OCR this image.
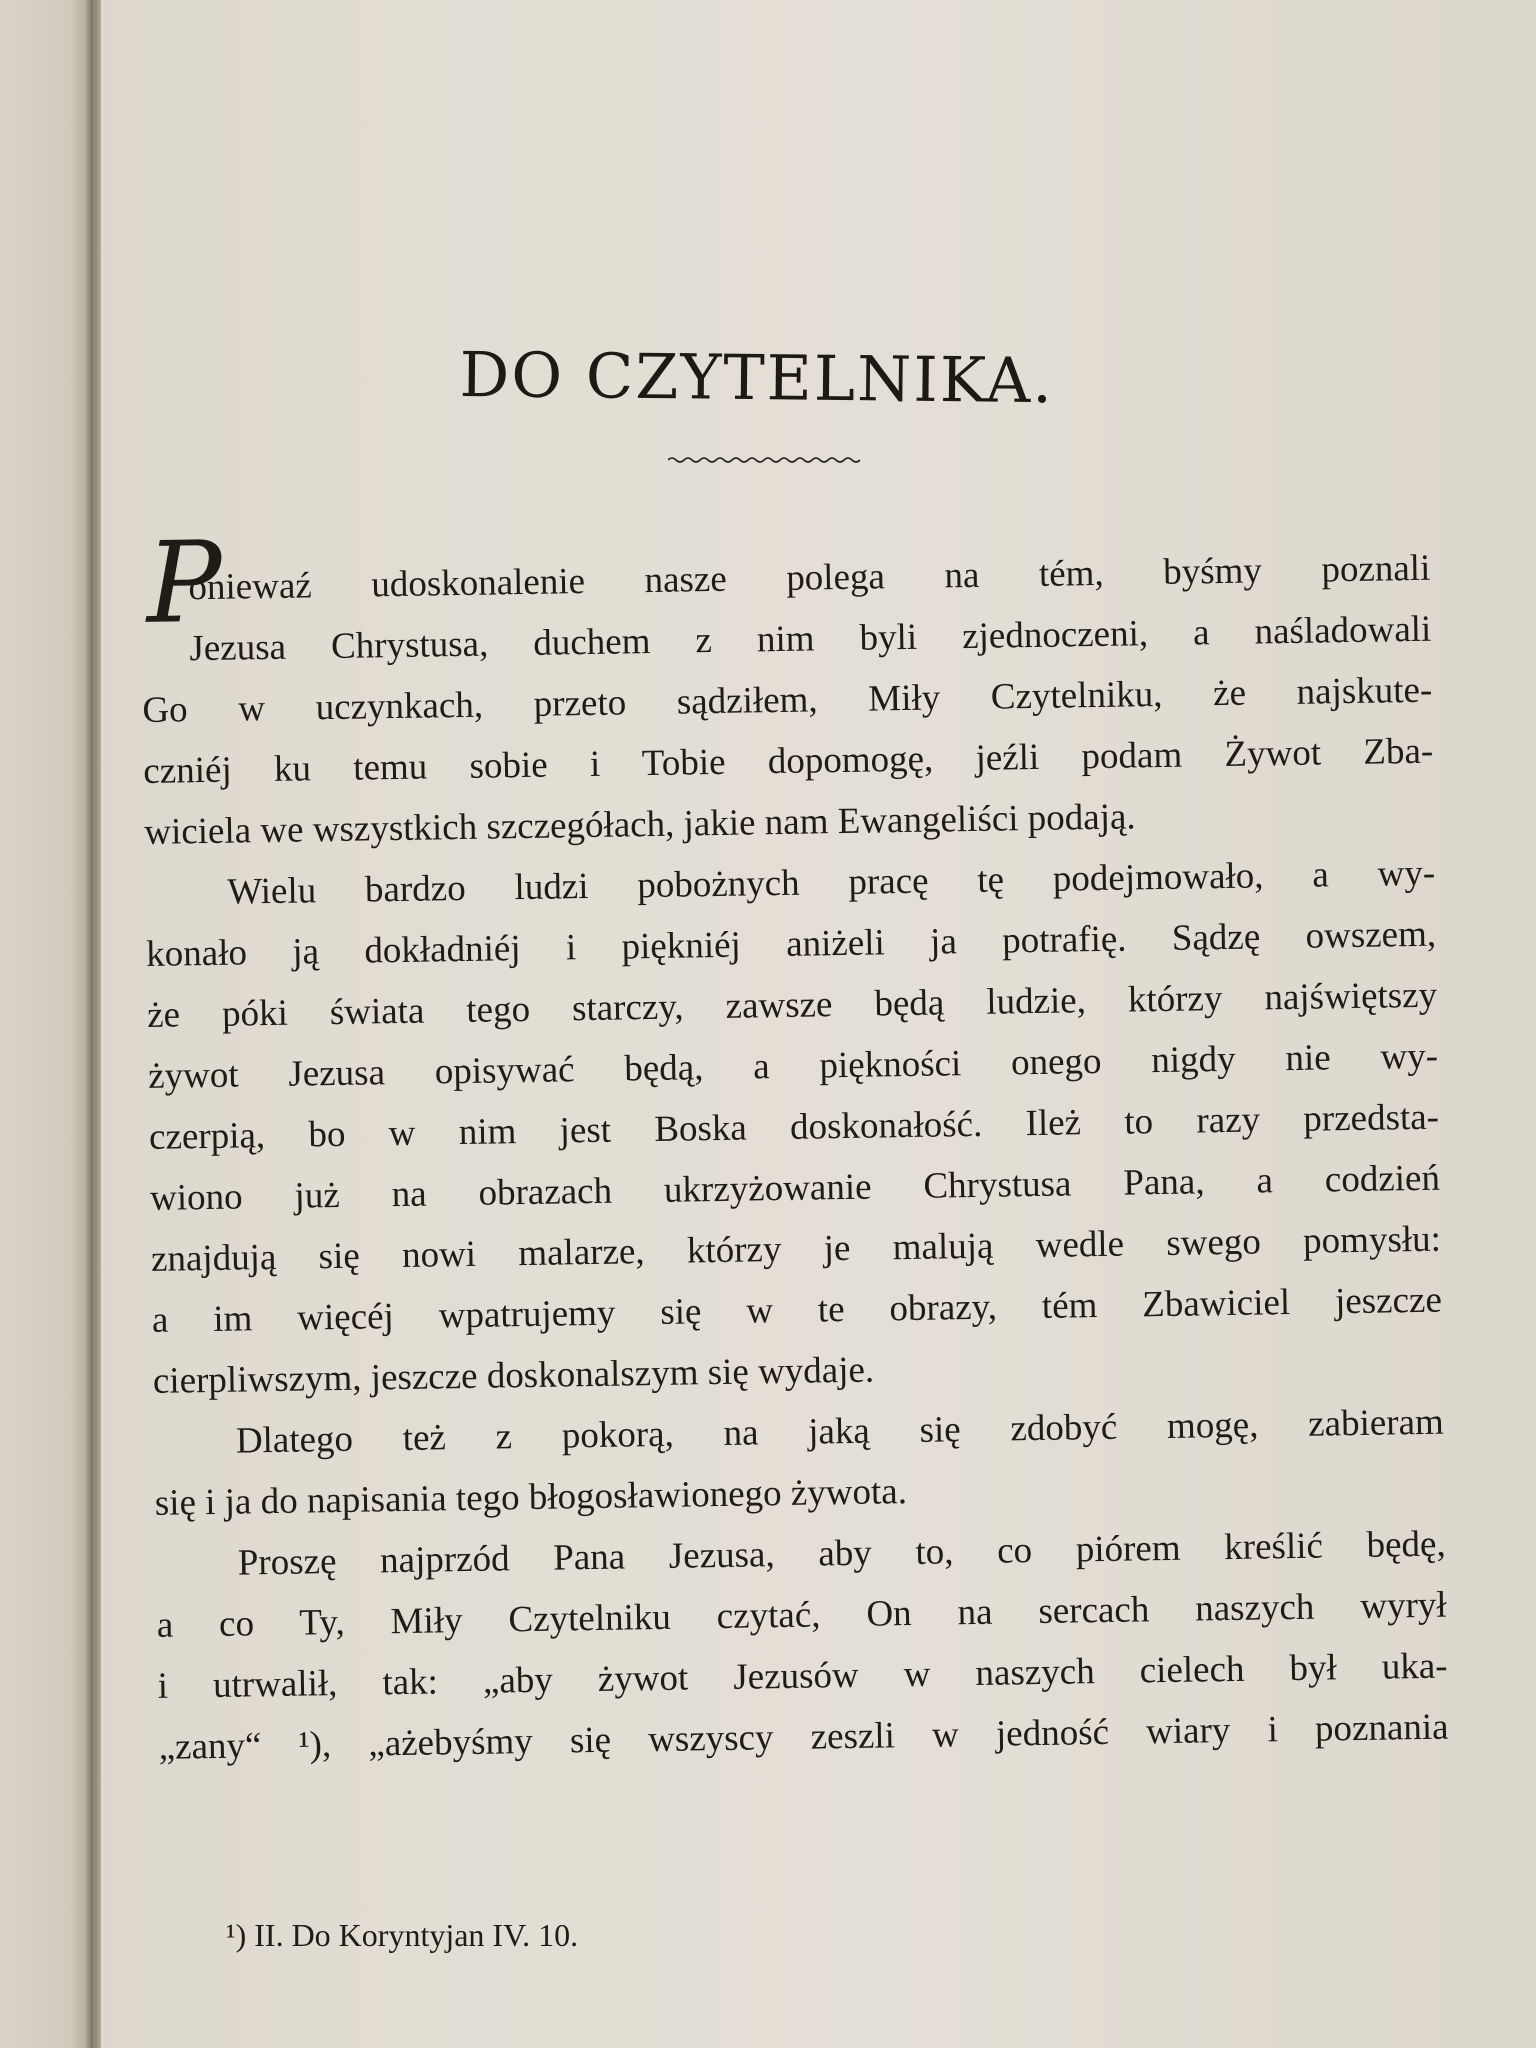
DO CZYTELNIKA.
P
oniewaź udoskonalenie nasze polega na tém, byśmy poznali
Jezusa Chrystusa, duchem z nim byli zjednoczeni, a naśladowali
Go w uczynkach, przeto sądziłem, Miły Czytelniku, że najskute-
czniéj ku temu sobie i Tobie dopomogę, jeźli podam Żywot Zba-
wiciela we wszystkich szczegółach, jakie nam Ewangeliści podają.
Wielu bardzo ludzi pobożnych pracę tę podejmowało, a wy-
konało ją dokładniéj i piękniéj aniżeli ja potrafię. Sądzę owszem,
że póki świata tego starczy, zawsze będą ludzie, którzy najświętszy
żywot Jezusa opisywać będą, a piękności onego nigdy nie wy-
czerpią, bo w nim jest Boska doskonałość. Ileż to razy przedsta-
wiono już na obrazach ukrzyżowanie Chrystusa Pana, a codzień
znajdują się nowi malarze, którzy je malują wedle swego pomysłu:
a im więcéj wpatrujemy się w te obrazy, tém Zbawiciel jeszcze
cierpliwszym, jeszcze doskonalszym się wydaje.
Dlatego też z pokorą, na jaką się zdobyć mogę, zabieram
się i ja do napisania tego błogosławionego żywota.
Proszę najprzód Pana Jezusa, aby to, co piórem kreślić będę,
a co Ty, Miły Czytelniku czytać, On na sercach naszych wyrył
i utrwalił, tak: „aby żywot Jezusów w naszych cielech był uka-
„zany“ ¹), „ażebyśmy się wszyscy zeszli w jedność wiary i poznania
¹) II. Do Koryntyjan IV. 10.
